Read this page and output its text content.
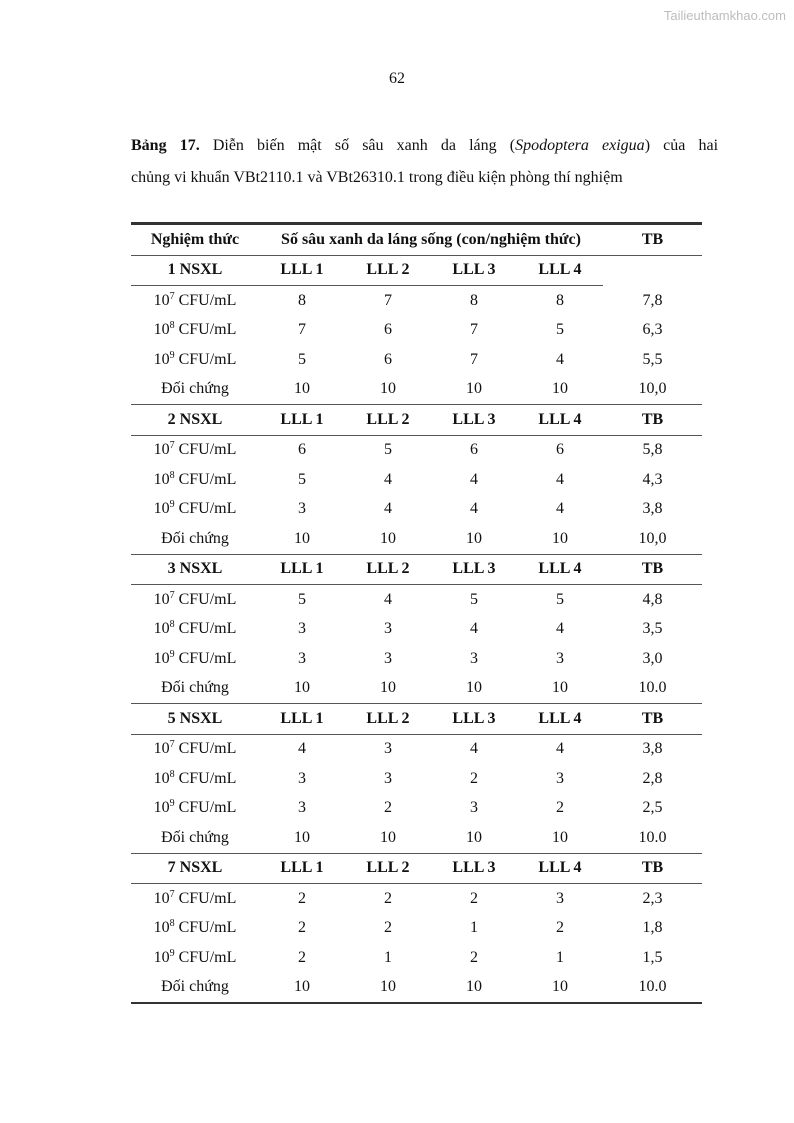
Tailieuthamkhao.com
62
Bảng 17. Diễn biến mật số sâu xanh da láng (Spodoptera exigua) của hai
chủng vi khuẩn VBt2110.1 và VBt26310.1 trong điều kiện phòng thí nghiệm
Nghiệm thức	Số sâu xanh da láng sống (con/nghiệm thức)				TB
1 NSXL	LLL 1	LLL 2	LLL 3	LLL 4	
$10^7$ CFU/mL	8	7	8	8	7,8
$10^8$ CFU/mL	7	6	7	5	6,3
$10^9$ CFU/mL	5	6	7	4	5,5
Đối chứng	10	10	10	10	10,0
2 NSXL	LLL 1	LLL 2	LLL 3	LLL 4	TB
$10^7$ CFU/mL	6	5	6	6	5,8
$10^8$ CFU/mL	5	4	4	4	4,3
$10^9$ CFU/mL	3	4	4	4	3,8
Đối chứng	10	10	10	10	10,0
3 NSXL	LLL 1	LLL 2	LLL 3	LLL 4	TB
$10^7$ CFU/mL	5	4	5	5	4,8
$10^8$ CFU/mL	3	3	4	4	3,5
$10^9$ CFU/mL	3	3	3	3	3,0
Đối chứng	10	10	10	10	10.0
5 NSXL	LLL 1	LLL 2	LLL 3	LLL 4	TB
$10^7$ CFU/mL	4	3	4	4	3,8
$10^8$ CFU/mL	3	3	2	3	2,8
$10^9$ CFU/mL	3	2	3	2	2,5
Đối chứng	10	10	10	10	10.0
7 NSXL	LLL 1	LLL 2	LLL 3	LLL 4	TB
$10^7$ CFU/mL	2	2	2	3	2,3
$10^8$ CFU/mL	2	2	1	2	1,8
$10^9$ CFU/mL	2	1	2	1	1,5
Đối chứng	10	10	10	10	10.0
